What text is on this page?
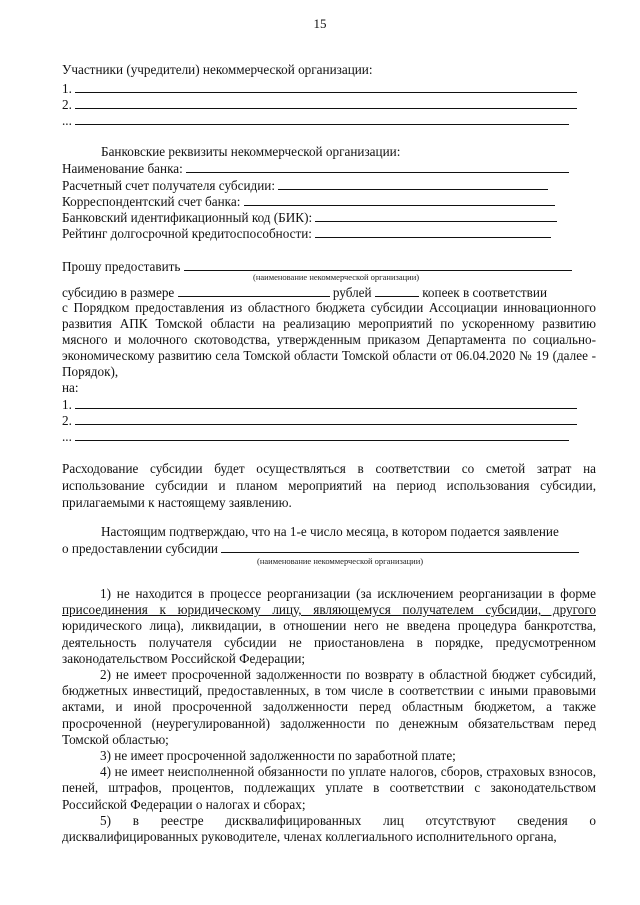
15
Участники (учредители) некоммерческой организации:
1.
2.
...
Банковские реквизиты некоммерческой организации:
Наименование банка:
Расчетный счет получателя субсидии:
Корреспондентский счет банка:
Банковский идентификационный код (БИК):
Рейтинг долгосрочной кредитоспособности:
Прошу предоставить
(наименование некоммерческой организации)
субсидию в размере	рублей	копеек в соответствии

с Порядком предоставления из областного бюджета субсидии Ассоциации инновационного развития АПК Томской области на реализацию мероприятий по ускоренному развитию мясного и молочного скотоводства, утвержденным приказом Департамента по социально-экономическому развитию села Томской области Томской области от 06.04.2020 № 19 (далее - Порядок),

на:
1.
2.
...

Расходование субсидии будет осуществляться в соответствии со сметой затрат на использование субсидии и планом мероприятий на период использования субсидии, прилагаемыми к настоящему заявлению.

Настоящим подтверждаю, что на 1-е число месяца, в котором подается заявление
о предоставлении субсидии
(наименование некоммерческой организации)

1) не находится в процессе реорганизации (за исключением реорганизации в форме присоединения к юридическому лицу, являющемуся получателем субсидии, другого юридического лица), ликвидации, в отношении него не введена процедура банкротства, деятельность получателя субсидии не приостановлена в порядке, предусмотренном законодательством Российской Федерации;

2) не имеет просроченной задолженности по возврату в областной бюджет субсидий, бюджетных инвестиций, предоставленных, в том числе в соответствии с иными правовыми актами, и иной просроченной задолженности перед областным бюджетом, а также просроченной (неурегулированной) задолженности по денежным обязательствам перед Томской областью;

3) не имеет просроченной задолженности по заработной плате;

4) не имеет неисполненной обязанности по уплате налогов, сборов, страховых взносов, пеней, штрафов, процентов, подлежащих уплате в соответствии с законодательством Российской Федерации о налогах и сборах;

5) в реестре дисквалифицированных лиц отсутствуют сведения о дисквалифицированных руководителе, членах коллегиального исполнительного органа,
